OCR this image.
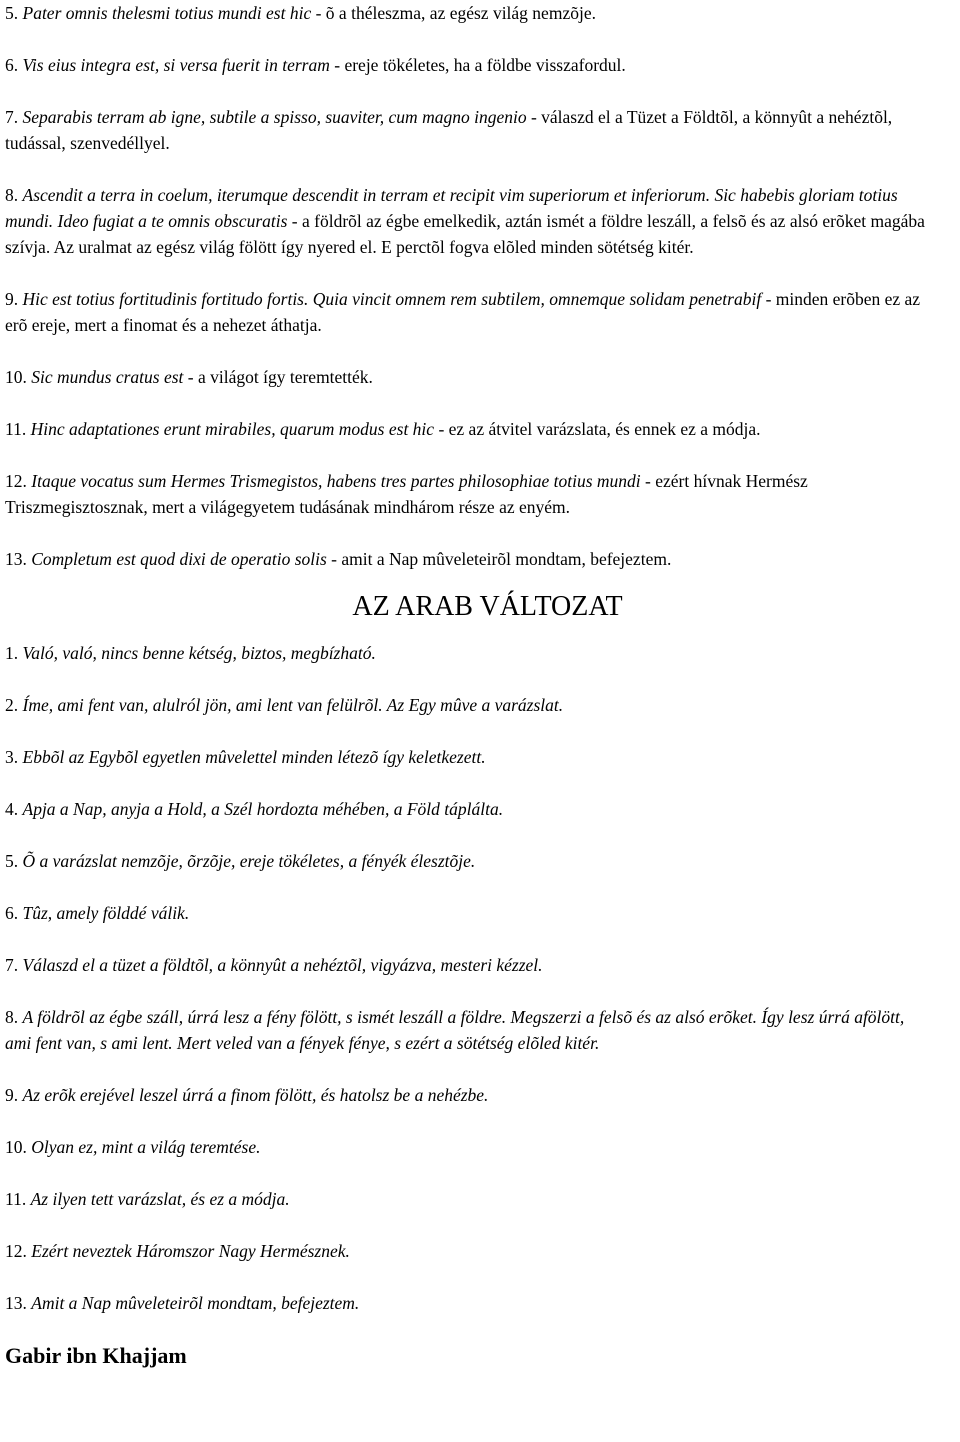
5. Pater omnis thelesmi totius mundi est hic - õ a théleszma, az egész világ nemzõje.

6. Vis eius integra est, si versa fuerit in terram - ereje tökéletes, ha a földbe visszafordul.

7. Separabis terram ab igne, subtile a spisso, suaviter, cum magno ingenio - válaszd el a Tüzet a Földtõl, a könnyût a nehéztõl, tudással, szenvedéllyel.

8. Ascendit a terra in coelum, iterumque descendit in terram et recipit vim superiorum et inferiorum. Sic habebis gloriam totius mundi. Ideo fugiat a te omnis obscuratis - a földrõl az égbe emelkedik, aztán ismét a földre leszáll, a felsõ és az alsó erõket magába szívja. Az uralmat az egész világ fölött így nyered el. E perctõl fogva elõled minden sötétség kitér.

9. Hic est totius fortitudinis fortitudo fortis. Quia vincit omnem rem subtilem, omnemque solidam penetrabif - minden erõben ez az erõ ereje, mert a finomat és a nehezet áthatja.

10. Sic mundus cratus est - a világot így teremtették.

11. Hinc adaptationes erunt mirabiles, quarum modus est hic - ez az átvitel varázslata, és ennek ez a módja.

12. Itaque vocatus sum Hermes Trismegistos, habens tres partes philosophiae totius mundi - ezért hívnak Hermész Triszmegisztosznak, mert a világegyetem tudásának mindhárom része az enyém.

13. Completum est quod dixi de operatio solis - amit a Nap mûveleteirõl mondtam, befejeztem.

AZ ARAB VÁLTOZAT

1. Való, való, nincs benne kétség, biztos, megbízható.

2. Íme, ami fent van, alulról jön, ami lent van felülrõl. Az Egy mûve a varázslat.

3. Ebbõl az Egybõl egyetlen mûvelettel minden létezõ így keletkezett.

4. Apja a Nap, anyja a Hold, a Szél hordozta méhében, a Föld táplálta.

5. Õ a varázslat nemzõje, õrzõje, ereje tökéletes, a fényék élesztõje.

6. Tûz, amely földdé válik.

7. Válaszd el a tüzet a földtõl, a könnyût a nehéztõl, vigyázva, mesteri kézzel.

8. A földrõl az égbe száll, úrrá lesz a fény fölött, s ismét leszáll a földre. Megszerzi a felsõ és az alsó erõket. Így lesz úrrá afölött, ami fent van, s ami lent. Mert veled van a fények fénye, s ezért a sötétség elõled kitér.

9. Az erõk erejével leszel úrrá a finom fölött, és hatolsz be a nehézbe.

10. Olyan ez, mint a világ teremtése.

11. Az ilyen tett varázslat, és ez a módja.

12. Ezért neveztek Háromszor Nagy Hermésznek.

13. Amit a Nap mûveleteirõl mondtam, befejeztem.

Gabir ibn Khajjam
